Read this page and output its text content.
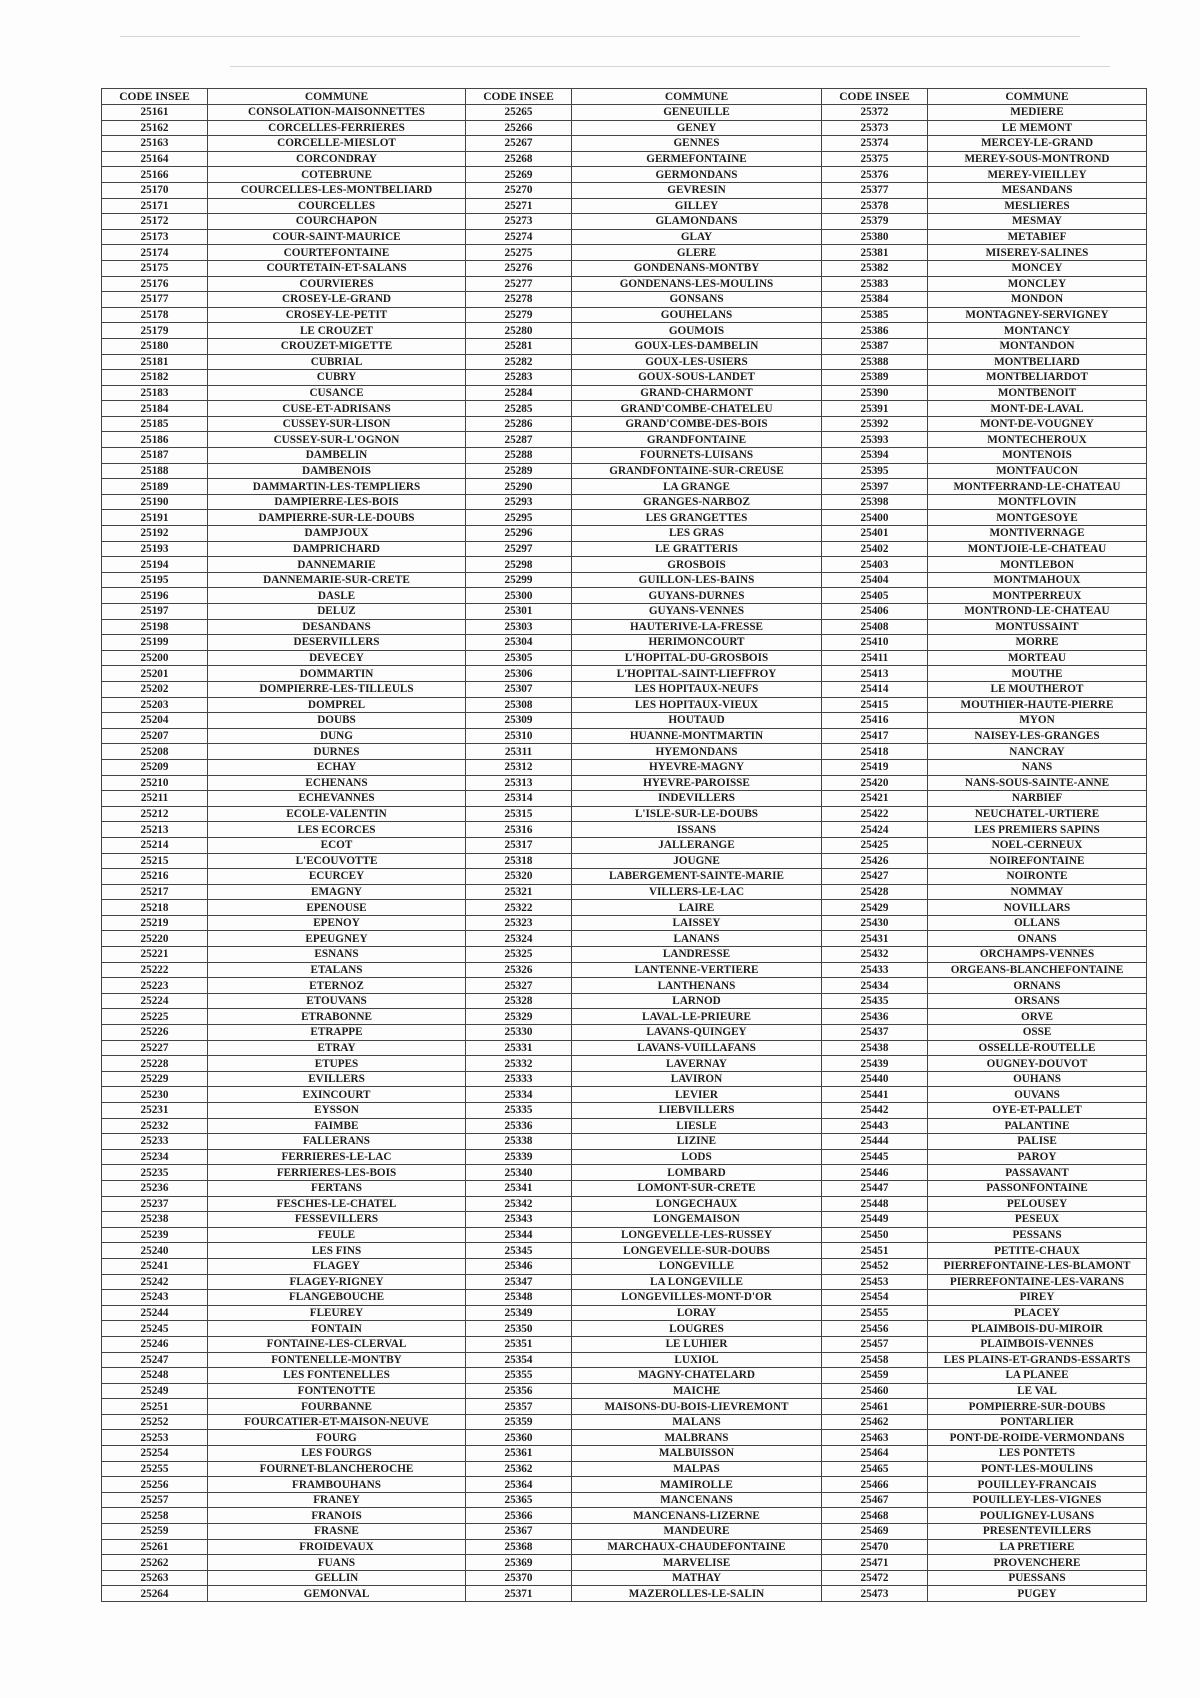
CODE INSEE	COMMUNE	CODE INSEE	COMMUNE	CODE INSEE	COMMUNE
25161	CONSOLATION-MAISONNETTES	25265	GENEUILLE	25372	MEDIERE
25162	CORCELLES-FERRIERES	25266	GENEY	25373	LE MEMONT
25163	CORCELLE-MIESLOT	25267	GENNES	25374	MERCEY-LE-GRAND
25164	CORCONDRAY	25268	GERMEFONTAINE	25375	MEREY-SOUS-MONTROND
25166	COTEBRUNE	25269	GERMONDANS	25376	MEREY-VIEILLEY
25170	COURCELLES-LES-MONTBELIARD	25270	GEVRESIN	25377	MESANDANS
25171	COURCELLES	25271	GILLEY	25378	MESLIERES
25172	COURCHAPON	25273	GLAMONDANS	25379	MESMAY
25173	COUR-SAINT-MAURICE	25274	GLAY	25380	METABIEF
25174	COURTEFONTAINE	25275	GLERE	25381	MISEREY-SALINES
25175	COURTETAIN-ET-SALANS	25276	GONDENANS-MONTBY	25382	MONCEY
25176	COURVIERES	25277	GONDENANS-LES-MOULINS	25383	MONCLEY
25177	CROSEY-LE-GRAND	25278	GONSANS	25384	MONDON
25178	CROSEY-LE-PETIT	25279	GOUHELANS	25385	MONTAGNEY-SERVIGNEY
25179	LE CROUZET	25280	GOUMOIS	25386	MONTANCY
25180	CROUZET-MIGETTE	25281	GOUX-LES-DAMBELIN	25387	MONTANDON
25181	CUBRIAL	25282	GOUX-LES-USIERS	25388	MONTBELIARD
25182	CUBRY	25283	GOUX-SOUS-LANDET	25389	MONTBELIARDOT
25183	CUSANCE	25284	GRAND-CHARMONT	25390	MONTBENOIT
25184	CUSE-ET-ADRISANS	25285	GRAND'COMBE-CHATELEU	25391	MONT-DE-LAVAL
25185	CUSSEY-SUR-LISON	25286	GRAND'COMBE-DES-BOIS	25392	MONT-DE-VOUGNEY
25186	CUSSEY-SUR-L'OGNON	25287	GRANDFONTAINE	25393	MONTECHEROUX
25187	DAMBELIN	25288	FOURNETS-LUISANS	25394	MONTENOIS
25188	DAMBENOIS	25289	GRANDFONTAINE-SUR-CREUSE	25395	MONTFAUCON
25189	DAMMARTIN-LES-TEMPLIERS	25290	LA GRANGE	25397	MONTFERRAND-LE-CHATEAU
25190	DAMPIERRE-LES-BOIS	25293	GRANGES-NARBOZ	25398	MONTFLOVIN
25191	DAMPIERRE-SUR-LE-DOUBS	25295	LES GRANGETTES	25400	MONTGESOYE
25192	DAMPJOUX	25296	LES GRAS	25401	MONTIVERNAGE
25193	DAMPRICHARD	25297	LE GRATTERIS	25402	MONTJOIE-LE-CHATEAU
25194	DANNEMARIE	25298	GROSBOIS	25403	MONTLEBON
25195	DANNEMARIE-SUR-CRETE	25299	GUILLON-LES-BAINS	25404	MONTMAHOUX
25196	DASLE	25300	GUYANS-DURNES	25405	MONTPERREUX
25197	DELUZ	25301	GUYANS-VENNES	25406	MONTROND-LE-CHATEAU
25198	DESANDANS	25303	HAUTERIVE-LA-FRESSE	25408	MONTUSSAINT
25199	DESERVILLERS	25304	HERIMONCOURT	25410	MORRE
25200	DEVECEY	25305	L'HOPITAL-DU-GROSBOIS	25411	MORTEAU
25201	DOMMARTIN	25306	L'HOPITAL-SAINT-LIEFFROY	25413	MOUTHE
25202	DOMPIERRE-LES-TILLEULS	25307	LES HOPITAUX-NEUFS	25414	LE MOUTHEROT
25203	DOMPREL	25308	LES HOPITAUX-VIEUX	25415	MOUTHIER-HAUTE-PIERRE
25204	DOUBS	25309	HOUTAUD	25416	MYON
25207	DUNG	25310	HUANNE-MONTMARTIN	25417	NAISEY-LES-GRANGES
25208	DURNES	25311	HYEMONDANS	25418	NANCRAY
25209	ECHAY	25312	HYEVRE-MAGNY	25419	NANS
25210	ECHENANS	25313	HYEVRE-PAROISSE	25420	NANS-SOUS-SAINTE-ANNE
25211	ECHEVANNES	25314	INDEVILLERS	25421	NARBIEF
25212	ECOLE-VALENTIN	25315	L'ISLE-SUR-LE-DOUBS	25422	NEUCHATEL-URTIERE
25213	LES ECORCES	25316	ISSANS	25424	LES PREMIERS SAPINS
25214	ECOT	25317	JALLERANGE	25425	NOEL-CERNEUX
25215	L'ECOUVOTTE	25318	JOUGNE	25426	NOIREFONTAINE
25216	ECURCEY	25320	LABERGEMENT-SAINTE-MARIE	25427	NOIRONTE
25217	EMAGNY	25321	VILLERS-LE-LAC	25428	NOMMAY
25218	EPENOUSE	25322	LAIRE	25429	NOVILLARS
25219	EPENOY	25323	LAISSEY	25430	OLLANS
25220	EPEUGNEY	25324	LANANS	25431	ONANS
25221	ESNANS	25325	LANDRESSE	25432	ORCHAMPS-VENNES
25222	ETALANS	25326	LANTENNE-VERTIERE	25433	ORGEANS-BLANCHEFONTAINE
25223	ETERNOZ	25327	LANTHENANS	25434	ORNANS
25224	ETOUVANS	25328	LARNOD	25435	ORSANS
25225	ETRABONNE	25329	LAVAL-LE-PRIEURE	25436	ORVE
25226	ETRAPPE	25330	LAVANS-QUINGEY	25437	OSSE
25227	ETRAY	25331	LAVANS-VUILLAFANS	25438	OSSELLE-ROUTELLE
25228	ETUPES	25332	LAVERNAY	25439	OUGNEY-DOUVOT
25229	EVILLERS	25333	LAVIRON	25440	OUHANS
25230	EXINCOURT	25334	LEVIER	25441	OUVANS
25231	EYSSON	25335	LIEBVILLERS	25442	OYE-ET-PALLET
25232	FAIMBE	25336	LIESLE	25443	PALANTINE
25233	FALLERANS	25338	LIZINE	25444	PALISE
25234	FERRIERES-LE-LAC	25339	LODS	25445	PAROY
25235	FERRIERES-LES-BOIS	25340	LOMBARD	25446	PASSAVANT
25236	FERTANS	25341	LOMONT-SUR-CRETE	25447	PASSONFONTAINE
25237	FESCHES-LE-CHATEL	25342	LONGECHAUX	25448	PELOUSEY
25238	FESSEVILLERS	25343	LONGEMAISON	25449	PESEUX
25239	FEULE	25344	LONGEVELLE-LES-RUSSEY	25450	PESSANS
25240	LES FINS	25345	LONGEVELLE-SUR-DOUBS	25451	PETITE-CHAUX
25241	FLAGEY	25346	LONGEVILLE	25452	PIERREFONTAINE-LES-BLAMONT
25242	FLAGEY-RIGNEY	25347	LA LONGEVILLE	25453	PIERREFONTAINE-LES-VARANS
25243	FLANGEBOUCHE	25348	LONGEVILLES-MONT-D'OR	25454	PIREY
25244	FLEUREY	25349	LORAY	25455	PLACEY
25245	FONTAIN	25350	LOUGRES	25456	PLAIMBOIS-DU-MIROIR
25246	FONTAINE-LES-CLERVAL	25351	LE LUHIER	25457	PLAIMBOIS-VENNES
25247	FONTENELLE-MONTBY	25354	LUXIOL	25458	LES PLAINS-ET-GRANDS-ESSARTS
25248	LES FONTENELLES	25355	MAGNY-CHATELARD	25459	LA PLANEE
25249	FONTENOTTE	25356	MAICHE	25460	LE VAL
25251	FOURBANNE	25357	MAISONS-DU-BOIS-LIEVREMONT	25461	POMPIERRE-SUR-DOUBS
25252	FOURCATIER-ET-MAISON-NEUVE	25359	MALANS	25462	PONTARLIER
25253	FOURG	25360	MALBRANS	25463	PONT-DE-ROIDE-VERMONDANS
25254	LES FOURGS	25361	MALBUISSON	25464	LES PONTETS
25255	FOURNET-BLANCHEROCHE	25362	MALPAS	25465	PONT-LES-MOULINS
25256	FRAMBOUHANS	25364	MAMIROLLE	25466	POUILLEY-FRANCAIS
25257	FRANEY	25365	MANCENANS	25467	POUILLEY-LES-VIGNES
25258	FRANOIS	25366	MANCENANS-LIZERNE	25468	POULIGNEY-LUSANS
25259	FRASNE	25367	MANDEURE	25469	PRESENTEVILLERS
25261	FROIDEVAUX	25368	MARCHAUX-CHAUDEFONTAINE	25470	LA PRETIERE
25262	FUANS	25369	MARVELISE	25471	PROVENCHERE
25263	GELLIN	25370	MATHAY	25472	PUESSANS
25264	GEMONVAL	25371	MAZEROLLES-LE-SALIN	25473	PUGEY
